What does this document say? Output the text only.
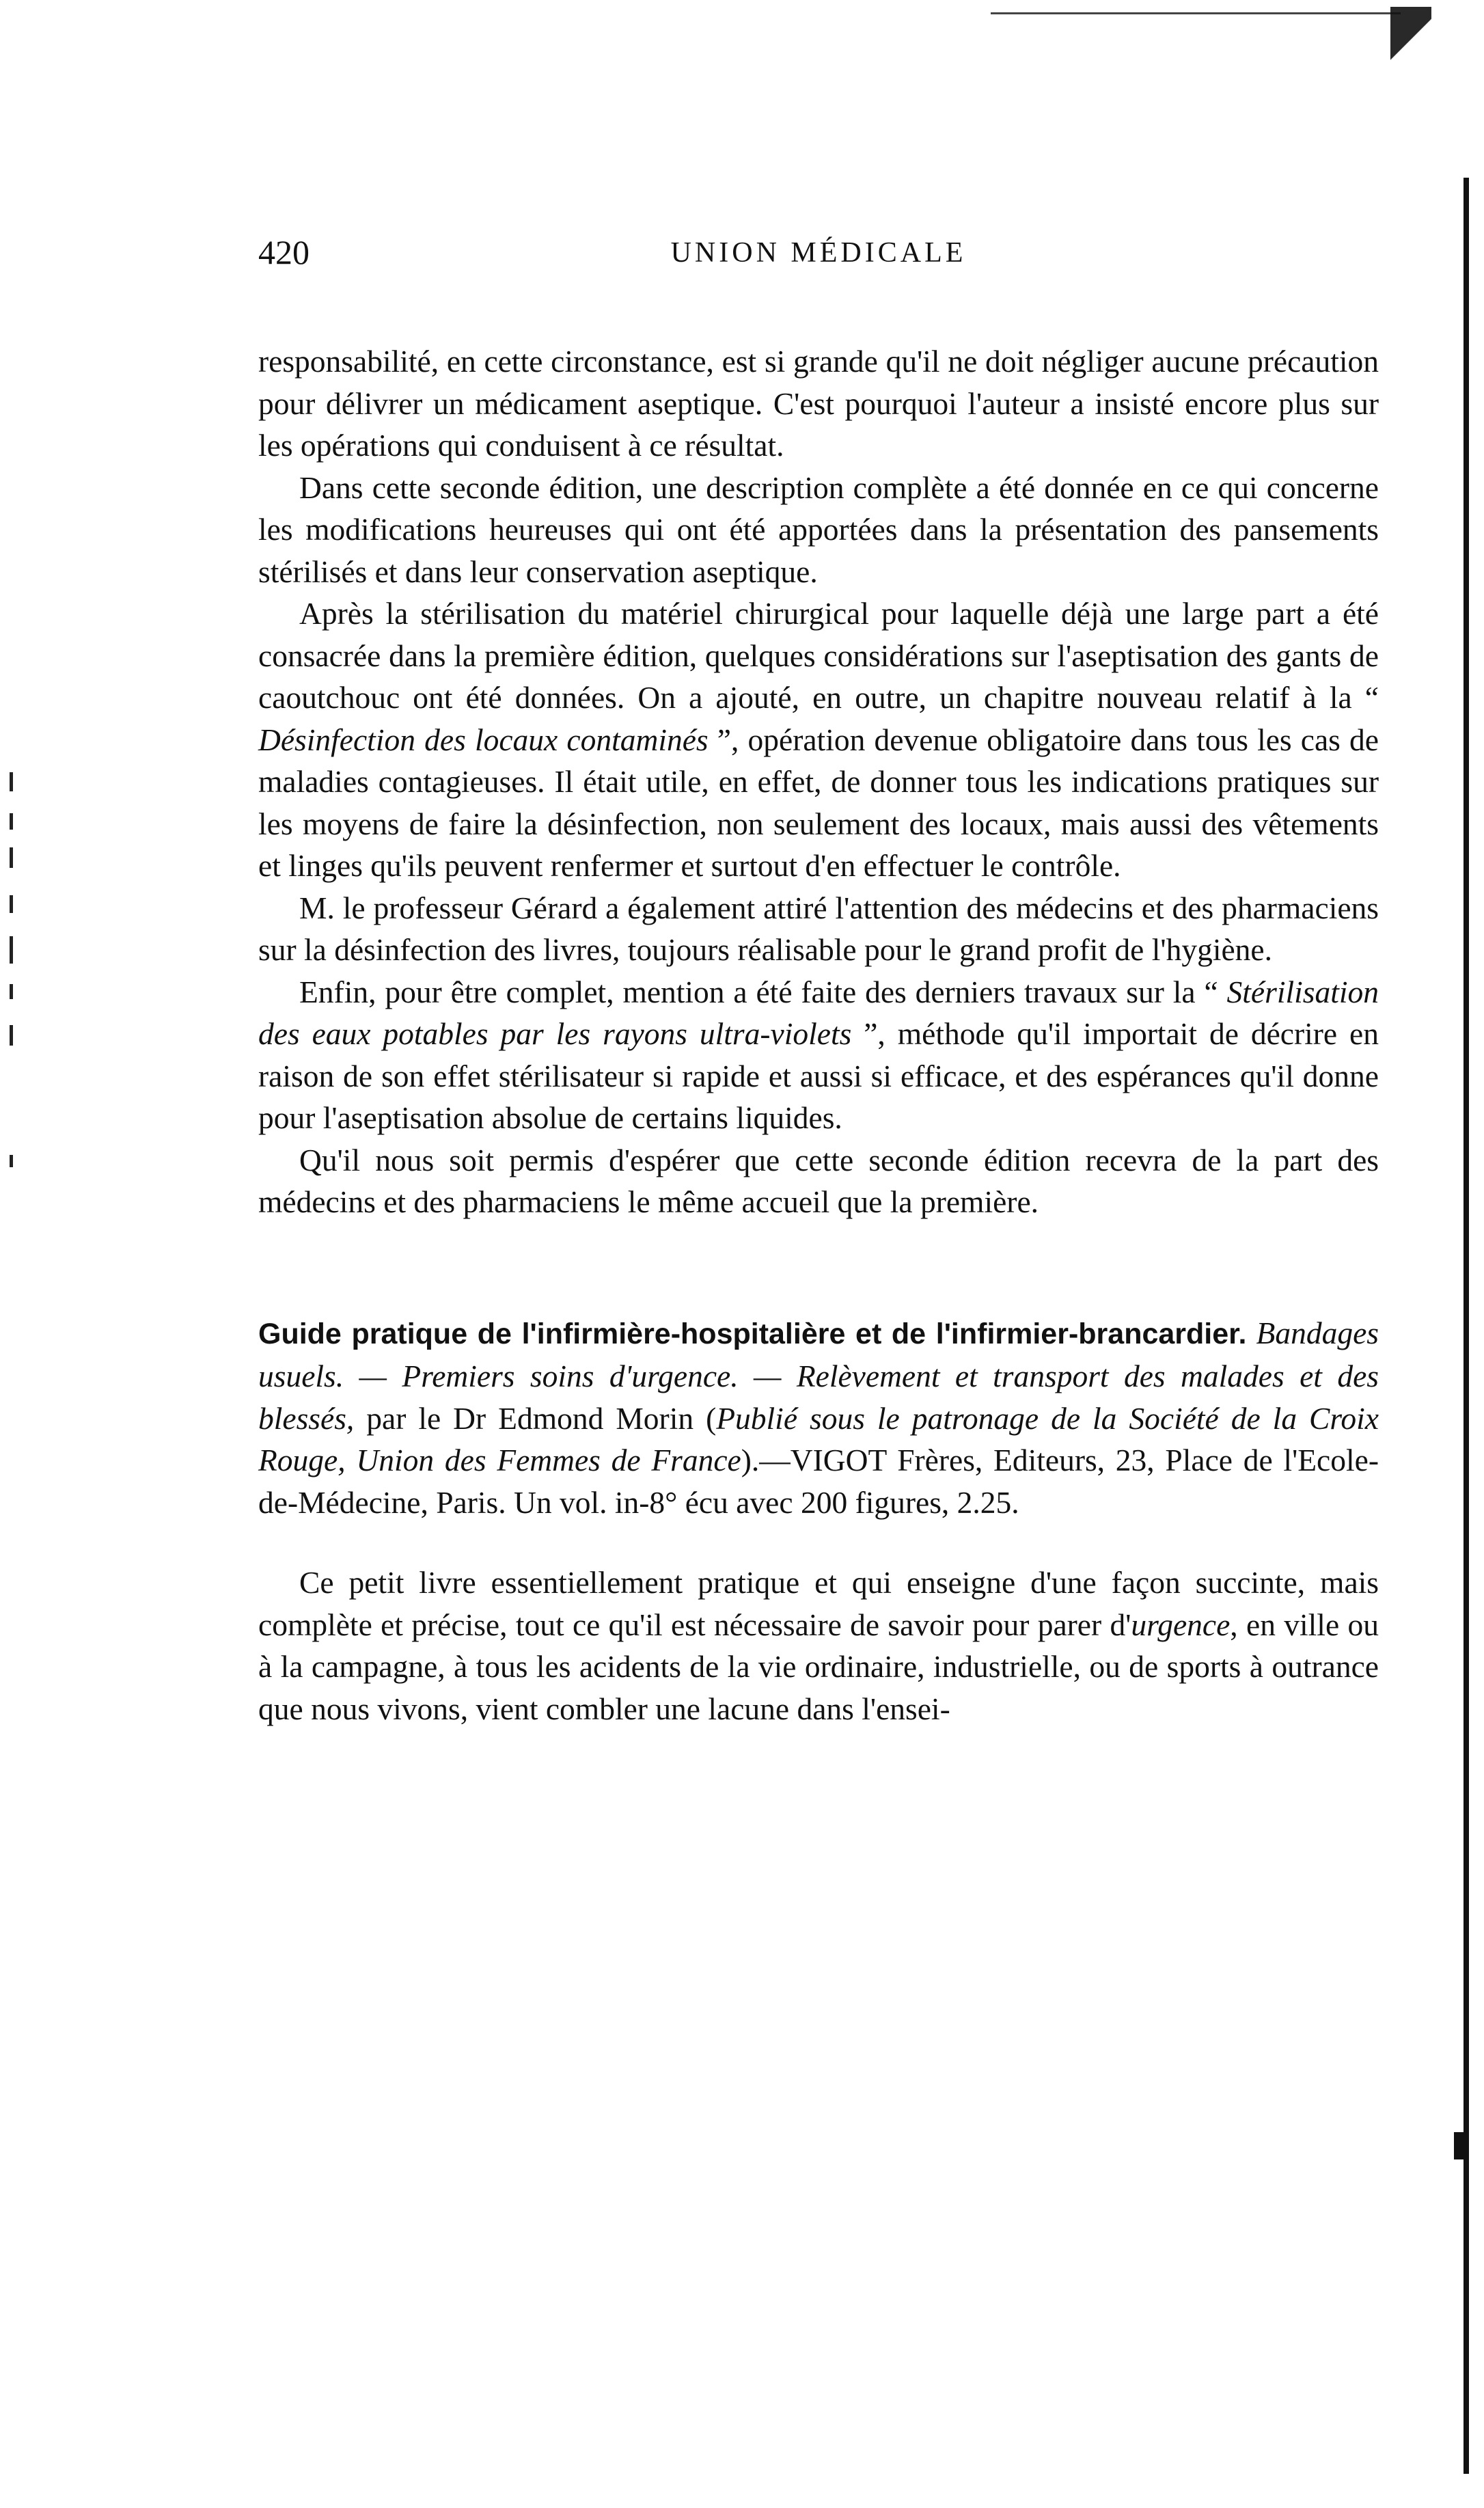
420	UNION MÉDICALE

responsabilité, en cette circonstance, est si grande qu'il ne doit négliger aucune précaution pour délivrer un médicament aseptique. C'est pourquoi l'auteur a insisté encore plus sur les opérations qui conduisent à ce résultat.

Dans cette seconde édition, une description complète a été donnée en ce qui concerne les modifications heureuses qui ont été apportées dans la présentation des pansements stérilisés et dans leur conservation aseptique.

Après la stérilisation du matériel chirurgical pour laquelle déjà une large part a été consacrée dans la première édition, quelques considérations sur l'aseptisation des gants de caoutchouc ont été données. On a ajouté, en outre, un chapitre nouveau relatif à la “ Désinfection des locaux contaminés ”, opération devenue obligatoire dans tous les cas de maladies contagieuses. Il était utile, en effet, de donner tous les indications pratiques sur les moyens de faire la désinfection, non seulement des locaux, mais aussi des vêtements et linges qu'ils peuvent renfermer et surtout d'en effectuer le contrôle.

M. le professeur Gérard a également attiré l'attention des médecins et des pharmaciens sur la désinfection des livres, toujours réalisable pour le grand profit de l'hygiène.

Enfin, pour être complet, mention a été faite des derniers travaux sur la “ Stérilisation des eaux potables par les rayons ultra-violets ”, méthode qu'il importait de décrire en raison de son effet stérilisateur si rapide et aussi si efficace, et des espérances qu'il donne pour l'aseptisation absolue de certains liquides.

Qu'il nous soit permis d'espérer que cette seconde édition recevra de la part des médecins et des pharmaciens le même accueil que la première.

Guide pratique de l'infirmière-hospitalière et de l'infirmier-brancardier. Bandages usuels. — Premiers soins d'urgence. — Relèvement et transport des malades et des blessés, par le Dr Edmond Morin (Publié sous le patronage de la Société de la Croix Rouge, Union des Femmes de France).—VIGOT Frères, Editeurs, 23, Place de l'Ecole-de-Médecine, Paris. Un vol. in-8° écu avec 200 figures, 2.25.
Ce petit livre essentiellement pratique et qui enseigne d'une façon succinte, mais complète et précise, tout ce qu'il est nécessaire de savoir pour parer d'urgence, en ville ou à la campagne, à tous les acidents de la vie ordinaire, industrielle, ou de sports à outrance que nous vivons, vient combler une lacune dans l'ensei-
